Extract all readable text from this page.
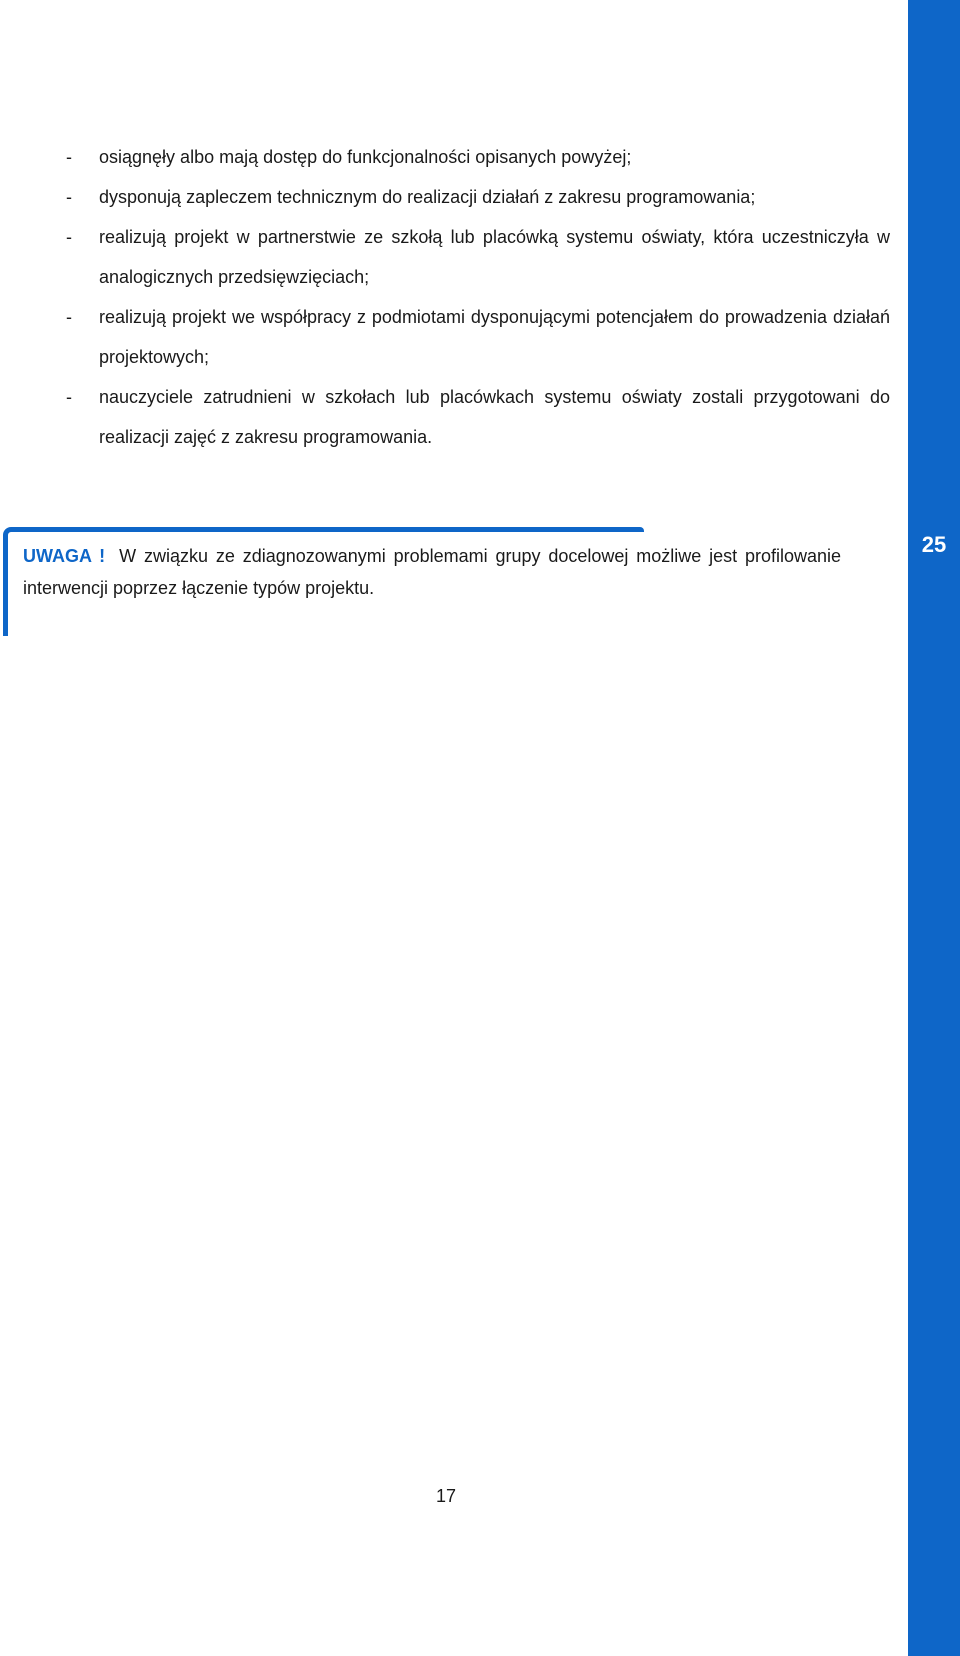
25
- osiągnęły albo mają dostęp do funkcjonalności opisanych powyżej;
- dysponują zapleczem technicznym do realizacji działań z zakresu programowania;
- realizują projekt w partnerstwie ze szkołą lub placówką systemu oświaty, która uczestniczyła w analogicznych przedsięwzięciach;
- realizują projekt we współpracy z podmiotami dysponującymi potencjałem do prowadzenia działań projektowych;
- nauczyciele zatrudnieni w szkołach lub placówkach systemu oświaty zostali przygotowani do realizacji zajęć z zakresu programowania.
UWAGA ! W związku ze zdiagnozowanymi problemami grupy docelowej możliwe jest profilowanie interwencji poprzez łączenie typów projektu.
17
